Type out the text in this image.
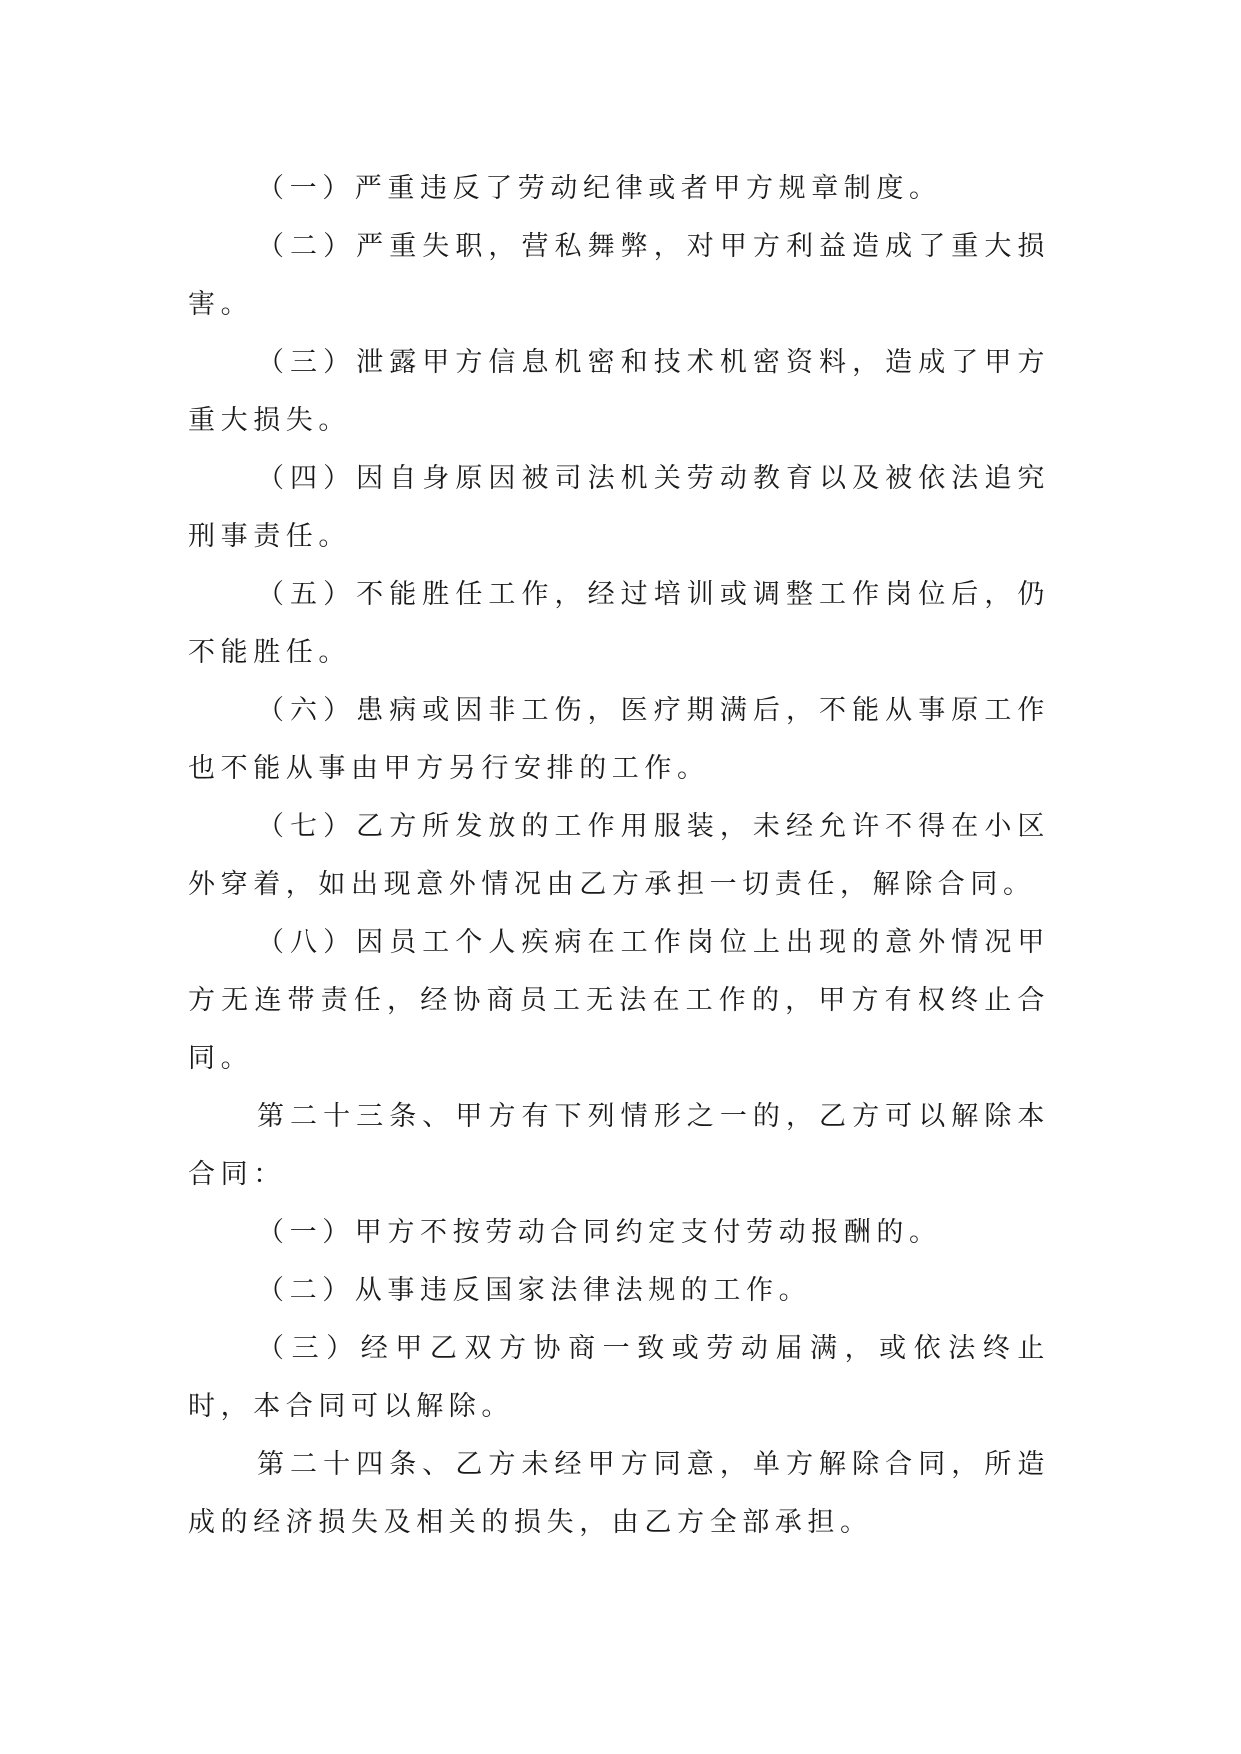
（一）严重违反了劳动纪律或者甲方规章制度。

（二）严重失职，营私舞弊，对甲方利益造成了重大损害。

（三）泄露甲方信息机密和技术机密资料，造成了甲方重大损失。

（四）因自身原因被司法机关劳动教育以及被依法追究刑事责任。

（五）不能胜任工作，经过培训或调整工作岗位后，仍不能胜任。

（六）患病或因非工伤，医疗期满后，不能从事原工作也不能从事由甲方另行安排的工作。

（七）乙方所发放的工作用服装，未经允许不得在小区外穿着，如出现意外情况由乙方承担一切责任，解除合同。

（八）因员工个人疾病在工作岗位上出现的意外情况甲方无连带责任，经协商员工无法在工作的，甲方有权终止合同。

第二十三条、甲方有下列情形之一的，乙方可以解除本合同：

（一）甲方不按劳动合同约定支付劳动报酬的。

（二）从事违反国家法律法规的工作。

（三）经甲乙双方协商一致或劳动届满，或依法终止时，本合同可以解除。

第二十四条、乙方未经甲方同意，单方解除合同，所造成的经济损失及相关的损失，由乙方全部承担。
